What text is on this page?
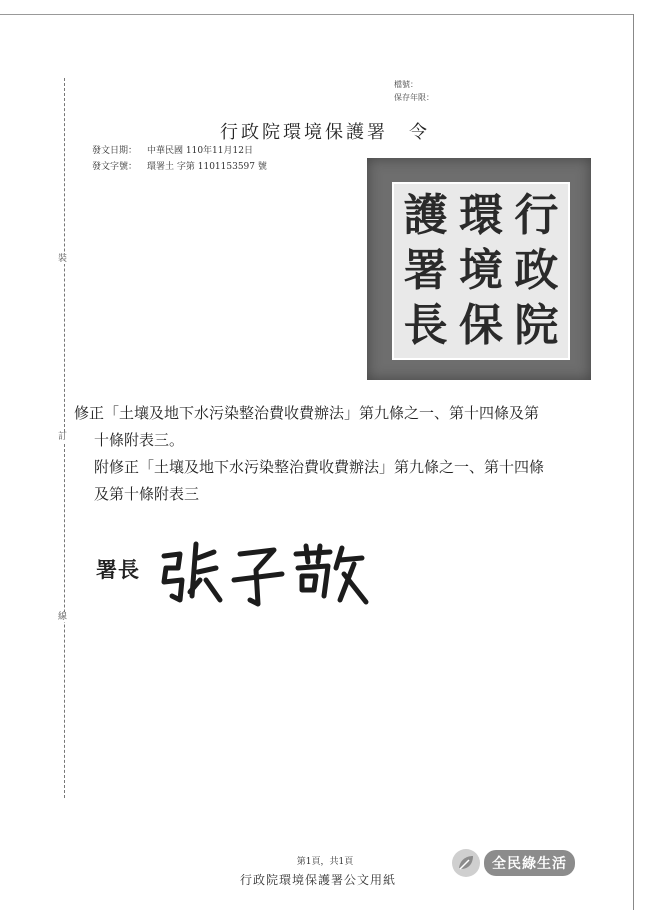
裝
訂
線
檔號：
保存年限：
行政院環境保護署　令
發文日期： 中華民國 110年11月12日
發文字號： 環署土 字第 1101153597 號
護
署
長
環
境
保
行
政
院

修正「土壤及地下水污染整治費收費辦法」第九條之一、第十四條及第

十條附表三。

附修正「土壤及地下水污染整治費收費辦法」第九條之一、第十四條

及第十條附表三

署長
第1頁，共1頁
行政院環境保護署公文用紙
全民綠生活
